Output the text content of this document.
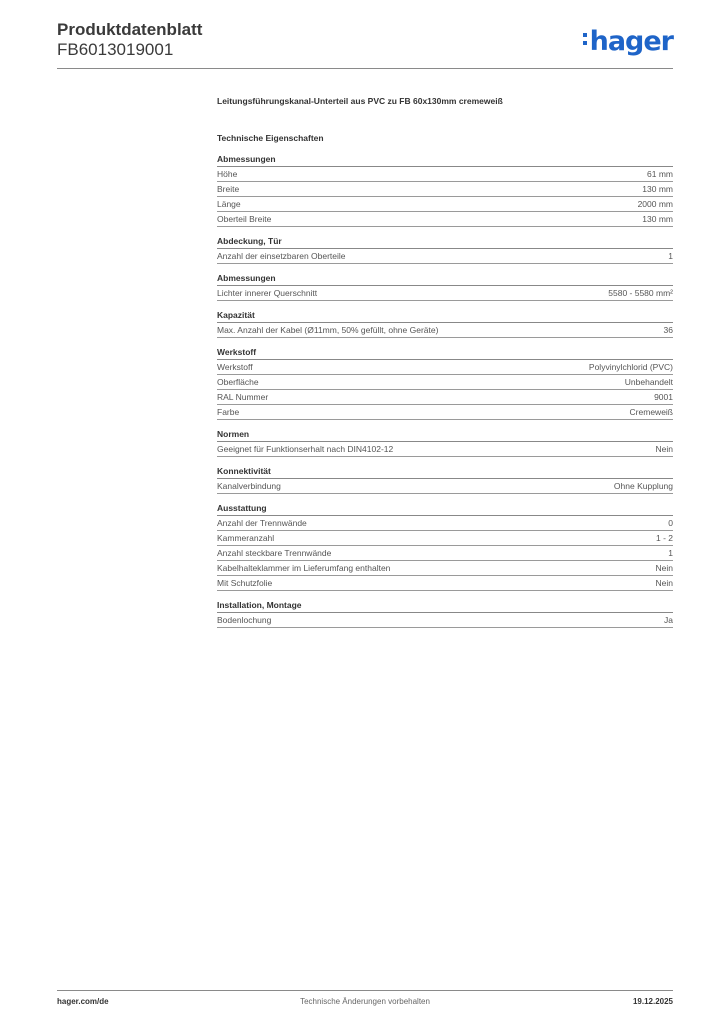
Produktdatenblatt
FB6013019001	hager
Leitungsführungskanal-Unterteil aus PVC zu FB 60x130mm cremeweiß
Technische Eigenschaften
Abmessungen
Höhe	61 mm
Breite	130 mm
Länge	2000 mm
Oberteil Breite	130 mm
Abdeckung, Tür
Anzahl der einsetzbaren Oberteile	1
Abmessungen
Lichter innerer Querschnitt	5580 - 5580 mm²
Kapazität
Max. Anzahl der Kabel (Ø11mm, 50% gefüllt, ohne Geräte)	36
Werkstoff
Werkstoff	Polyvinylchlorid (PVC)
Oberfläche	Unbehandelt
RAL Nummer	9001
Farbe	Cremeweiß
Normen
Geeignet für Funktionserhalt nach DIN4102-12	Nein
Konnektivität
Kanalverbindung	Ohne Kupplung
Ausstattung
Anzahl der Trennwände	0
Kammeranzahl	1 - 2
Anzahl steckbare Trennwände	1
Kabelhalteklammer im Lieferumfang enthalten	Nein
Mit Schutzfolie	Nein
Installation, Montage
Bodenlochung	Ja
hager.com/de	Technische Änderungen vorbehalten	19.12.2025
